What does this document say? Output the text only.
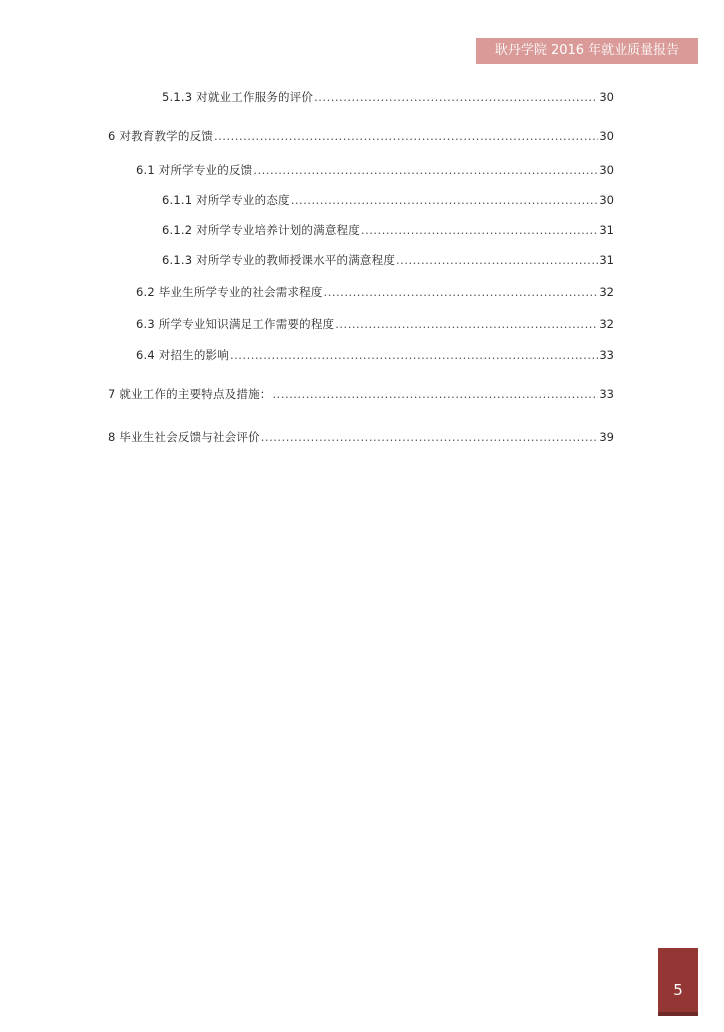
耿丹学院 2016 年就业质量报告
5.1.3 对就业工作服务的评价 .....	30
6 对教育教学的反馈 .....	30
6.1 对所学专业的反馈 .....	30
6.1.1 对所学专业的态度 .....	30
6.1.2 对所学专业培养计划的满意程度 .....	31
6.1.3 对所学专业的教师授课水平的满意程度 .....	31
6.2 毕业生所学专业的社会需求程度 .....	32
6.3 所学专业知识满足工作需要的程度 .....	32
6.4 对招生的影响 .....	33
7 就业工作的主要特点及措施： .....	33
8 毕业生社会反馈与社会评价 .....	39
5
